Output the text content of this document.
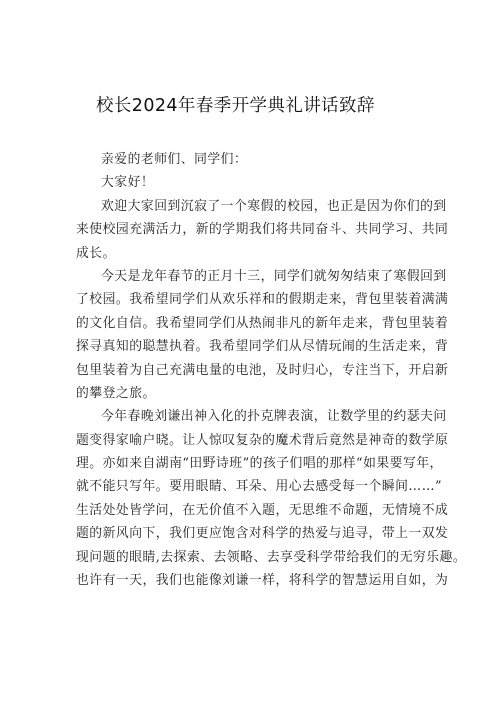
校长2024年春季开学典礼讲话致辞
亲爱的老师们、同学们：
大家好！
欢迎大家回到沉寂了一个寒假的校园，也正是因为你们的到
来使校园充满活力，新的学期我们将共同奋斗、共同学习、共同
成长。
今天是龙年春节的正月十三，同学们就匆匆结束了寒假回到
了校园。我希望同学们从欢乐祥和的假期走来，背包里装着满满
的文化自信。我希望同学们从热闹非凡的新年走来，背包里装着
探寻真知的聪慧执着。我希望同学们从尽情玩闹的生活走来，背
包里装着为自己充满电量的电池，及时归心，专注当下，开启新
的攀登之旅。
今年春晚刘谦出神入化的扑克牌表演，让数学里的约瑟夫问
题变得家喻户晓。让人惊叹复杂的魔术背后竟然是神奇的数学原
理。亦如来自湖南“田野诗班”的孩子们唱的那样“如果要写年，
就不能只写年。要用眼睛、耳朵、用心去感受每一个瞬间……”
生活处处皆学问，在无价值不入题，无思维不命题，无情境不成
题的新风向下，我们更应饱含对科学的热爱与追寻，带上一双发
现问题的眼睛,去探索、去领略、去享受科学带给我们的无穷乐趣。
也许有一天，我们也能像刘谦一样，将科学的智慧运用自如，为
